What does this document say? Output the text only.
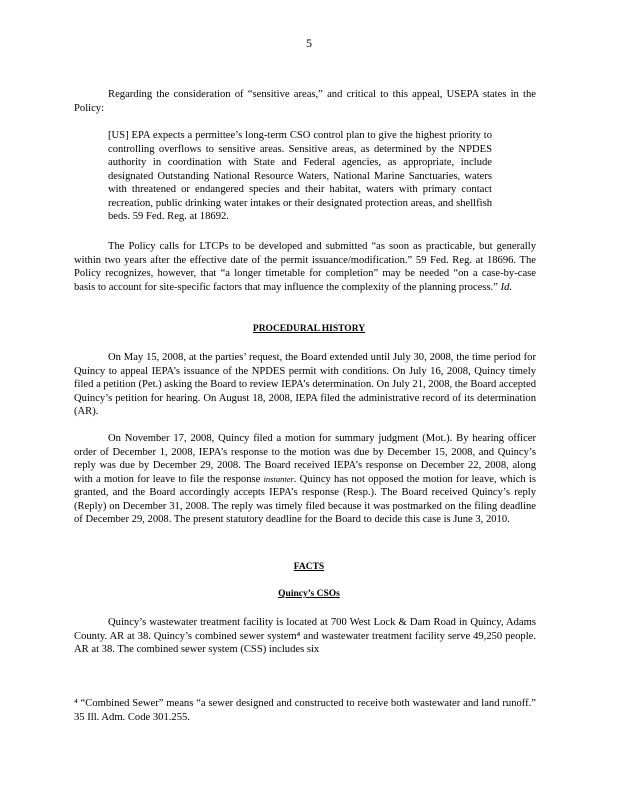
5

Regarding the consideration of “sensitive areas,” and critical to this appeal, USEPA states in the Policy:

[US] EPA expects a permittee’s long-term CSO control plan to give the highest priority to controlling overflows to sensitive areas. Sensitive areas, as determined by the NPDES authority in coordination with State and Federal agencies, as appropriate, include designated Outstanding National Resource Waters, National Marine Sanctuaries, waters with threatened or endangered species and their habitat, waters with primary contact recreation, public drinking water intakes or their designated protection areas, and shellfish beds. 59 Fed. Reg. at 18692.

The Policy calls for LTCPs to be developed and submitted “as soon as practicable, but generally within two years after the effective date of the permit issuance/modification.” 59 Fed. Reg. at 18696. The Policy recognizes, however, that “a longer timetable for completion” may be needed “on a case-by-case basis to account for site-specific factors that may influence the complexity of the planning process.” Id.

PROCEDURAL HISTORY

On May 15, 2008, at the parties’ request, the Board extended until July 30, 2008, the time period for Quincy to appeal IEPA’s issuance of the NPDES permit with conditions. On July 16, 2008, Quincy timely filed a petition (Pet.) asking the Board to review IEPA’s determination. On July 21, 2008, the Board accepted Quincy’s petition for hearing. On August 18, 2008, IEPA filed the administrative record of its determination (AR).

On November 17, 2008, Quincy filed a motion for summary judgment (Mot.). By hearing officer order of December 1, 2008, IEPA’s response to the motion was due by December 15, 2008, and Quincy’s reply was due by December 29, 2008. The Board received IEPA’s response on December 22, 2008, along with a motion for leave to file the response instanter. Quincy has not opposed the motion for leave, which is granted, and the Board accordingly accepts IEPA’s response (Resp.). The Board received Quincy’s reply (Reply) on December 31, 2008. The reply was timely filed because it was postmarked on the filing deadline of December 29, 2008. The present statutory deadline for the Board to decide this case is June 3, 2010.

FACTS

Quincy’s CSOs

Quincy’s wastewater treatment facility is located at 700 West Lock & Dam Road in Quincy, Adams County. AR at 38. Quincy’s combined sewer system⁴ and wastewater treatment facility serve 49,250 people. AR at 38. The combined sewer system (CSS) includes six

⁴ “Combined Sewer” means “a sewer designed and constructed to receive both wastewater and land runoff.” 35 Ill. Adm. Code 301.255.
